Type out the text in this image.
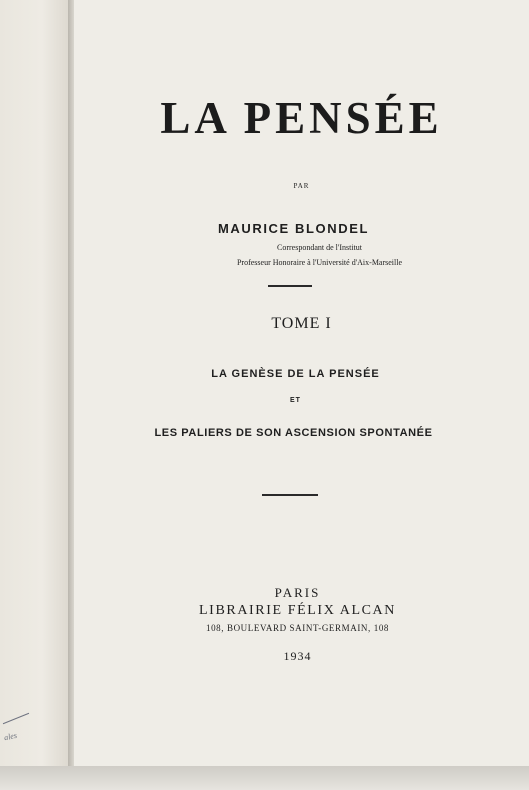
ales
LA PENSÉE
PAR
MAURICE BLONDEL
Correspondant de l'Institut
Professeur Honoraire à l'Université d'Aix-Marseille
TOME I
LA GENÈSE DE LA PENSÉE
ET
LES PALIERS DE SON ASCENSION SPONTANÉE
PARIS
LIBRAIRIE FÉLIX ALCAN
108, BOULEVARD SAINT-GERMAIN, 108
1934
